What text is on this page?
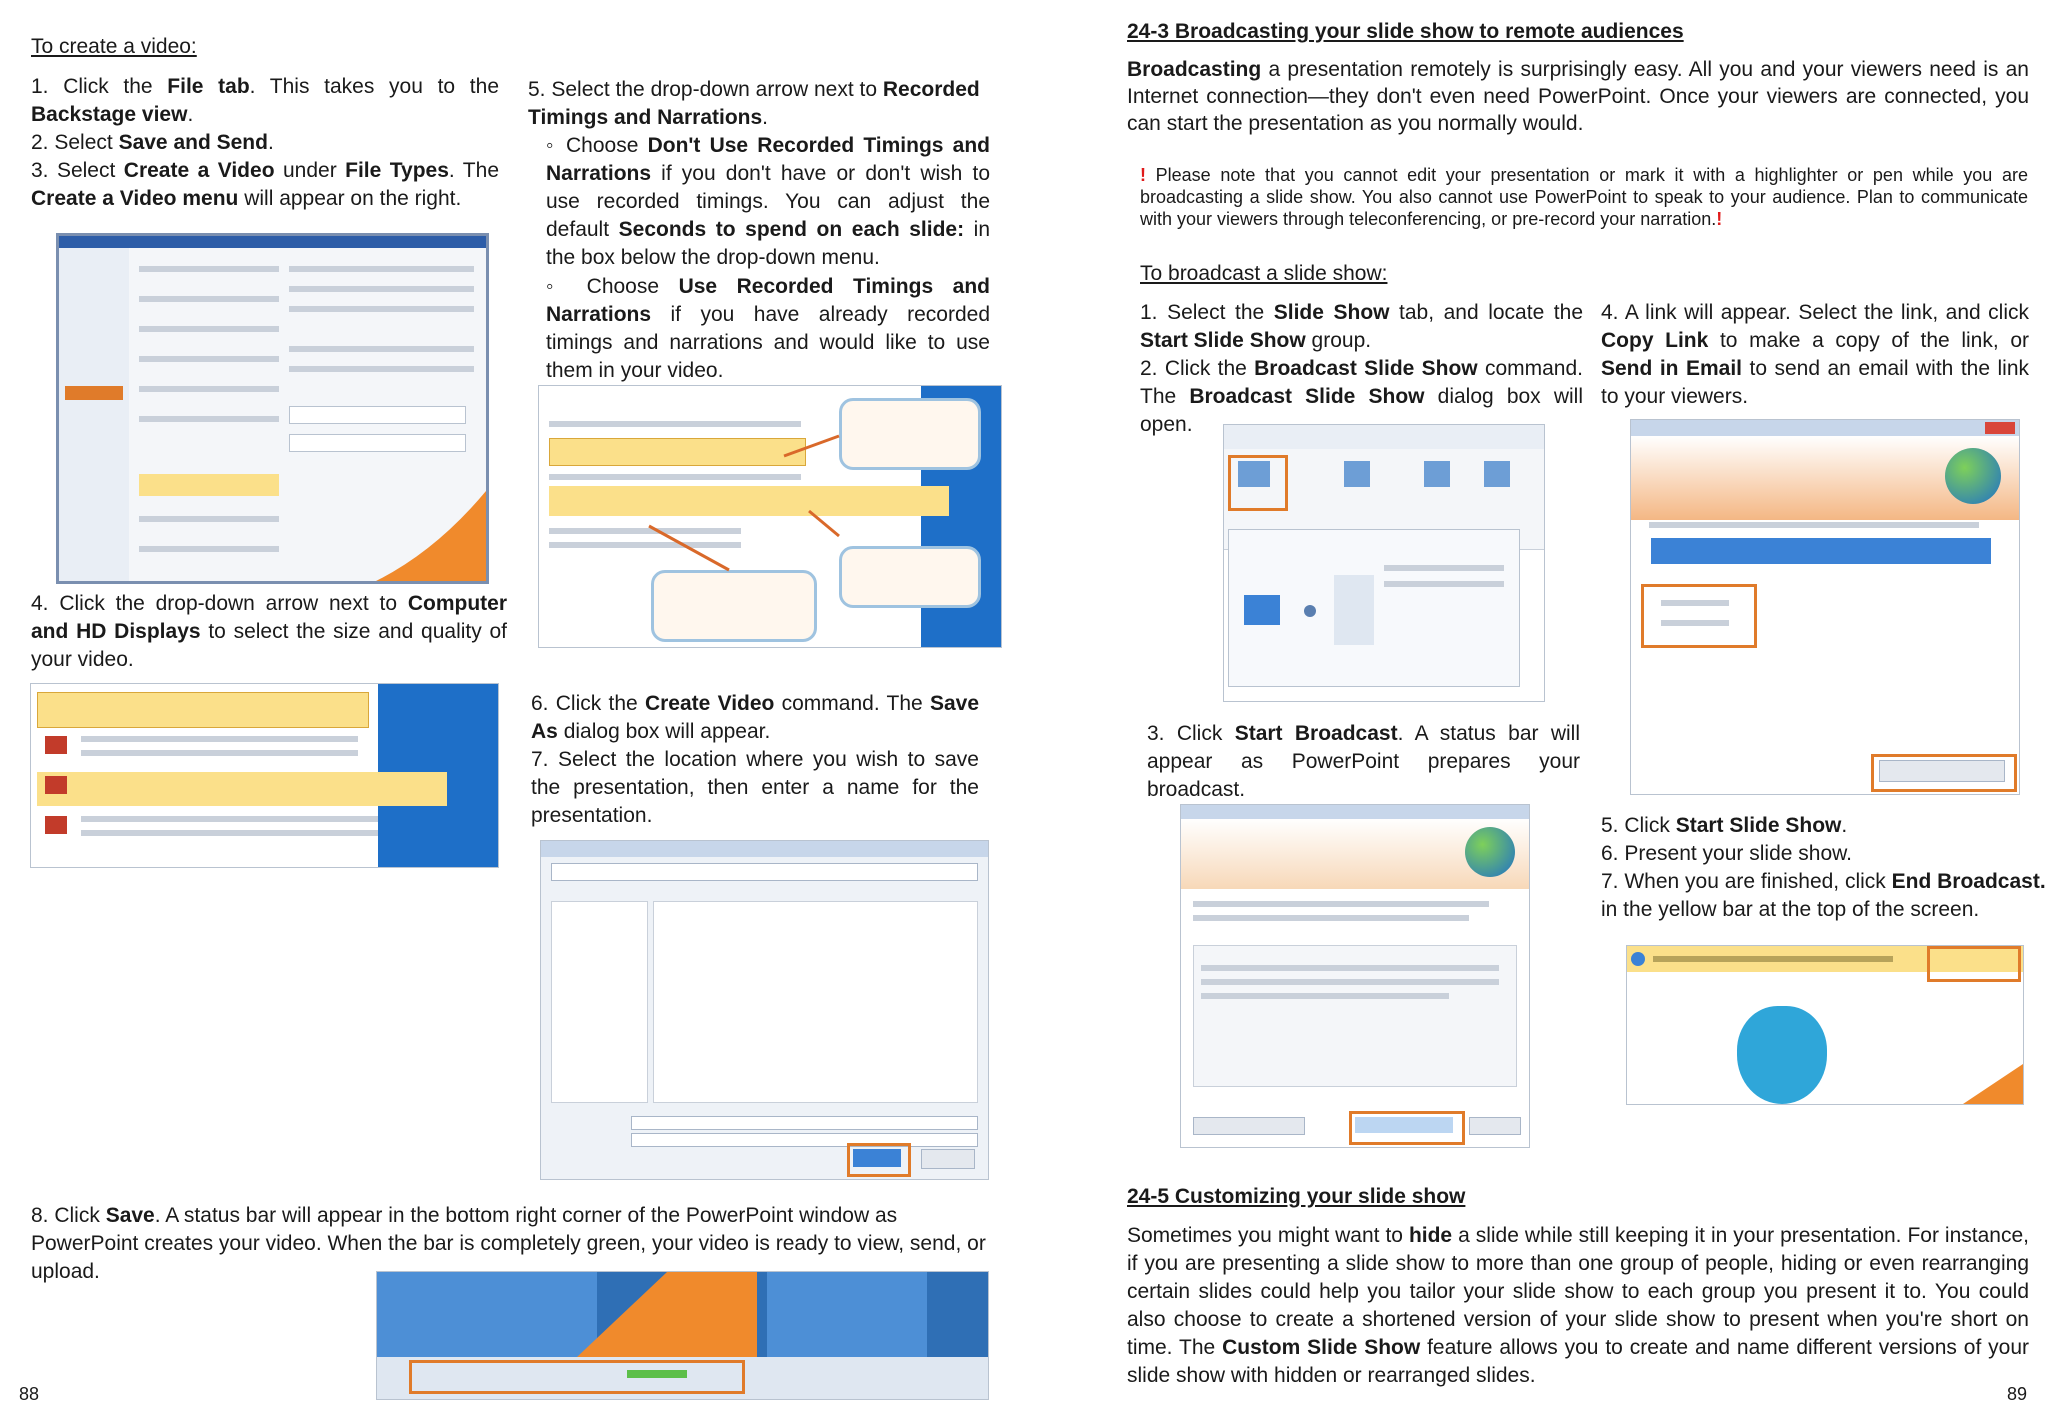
To create a video:
1. Click the File tab. This takes you to the Backstage view.
2. Select Save and Send.
3. Select Create a Video under File Types. The Create a Video menu will appear on the right.
4. Click the drop-down arrow next to Computer and HD Displays to select the size and quality of your video.
5. Select the drop-down arrow next to Recorded Timings and Narrations.
◦ Choose Don't Use Recorded Timings and Narrations if you don't have or don't wish to use recorded timings. You can adjust the default Seconds to spend on each slide: in the box below the drop-down menu.
◦ Choose Use Recorded Timings and Narrations if you have already recorded timings and narrations and would like to use them in your video.
6. Click the Create Video command. The Save As dialog box will appear.
7. Select the location where you wish to save the presentation, then enter a name for the presentation.
8. Click Save. A status bar will appear in the bottom right corner of the PowerPoint window as PowerPoint creates your video. When the bar is completely green, your video is ready to view, send, or upload.
88
24-3 Broadcasting your slide show to remote audiences
Broadcasting a presentation remotely is surprisingly easy. All you and your viewers need is an Internet connection—they don't even need PowerPoint. Once your viewers are connected, you can start the presentation as you normally would.
! Please note that you cannot edit your presentation or mark it with a highlighter or pen while you are broadcasting a slide show. You also cannot use PowerPoint to speak to your audience. Plan to communicate with your viewers through teleconferencing, or pre-record your narration.!
To broadcast a slide show:
1. Select the Slide Show tab, and locate the Start Slide Show group.
2. Click the Broadcast Slide Show command. The Broadcast Slide Show dialog box will open.
3. Click Start Broadcast. A status bar will appear as PowerPoint prepares your broadcast.
4. A link will appear. Select the link, and click Copy Link to make a copy of the link, or Send in Email to send an email with the link to your viewers.
5. Click Start Slide Show.
6. Present your slide show.
7. When you are finished, click End Broadcast. in the yellow bar at the top of the screen.
24-5 Customizing your slide show
Sometimes you might want to hide a slide while still keeping it in your presentation. For instance, if you are presenting a slide show to more than one group of people, hiding or even rearranging certain slides could help you tailor your slide show to each group you present it to. You could also choose to create a shortened version of your slide show to present when you're short on time. The Custom Slide Show feature allows you to create and name different versions of your slide show with hidden or rearranged slides.
89
